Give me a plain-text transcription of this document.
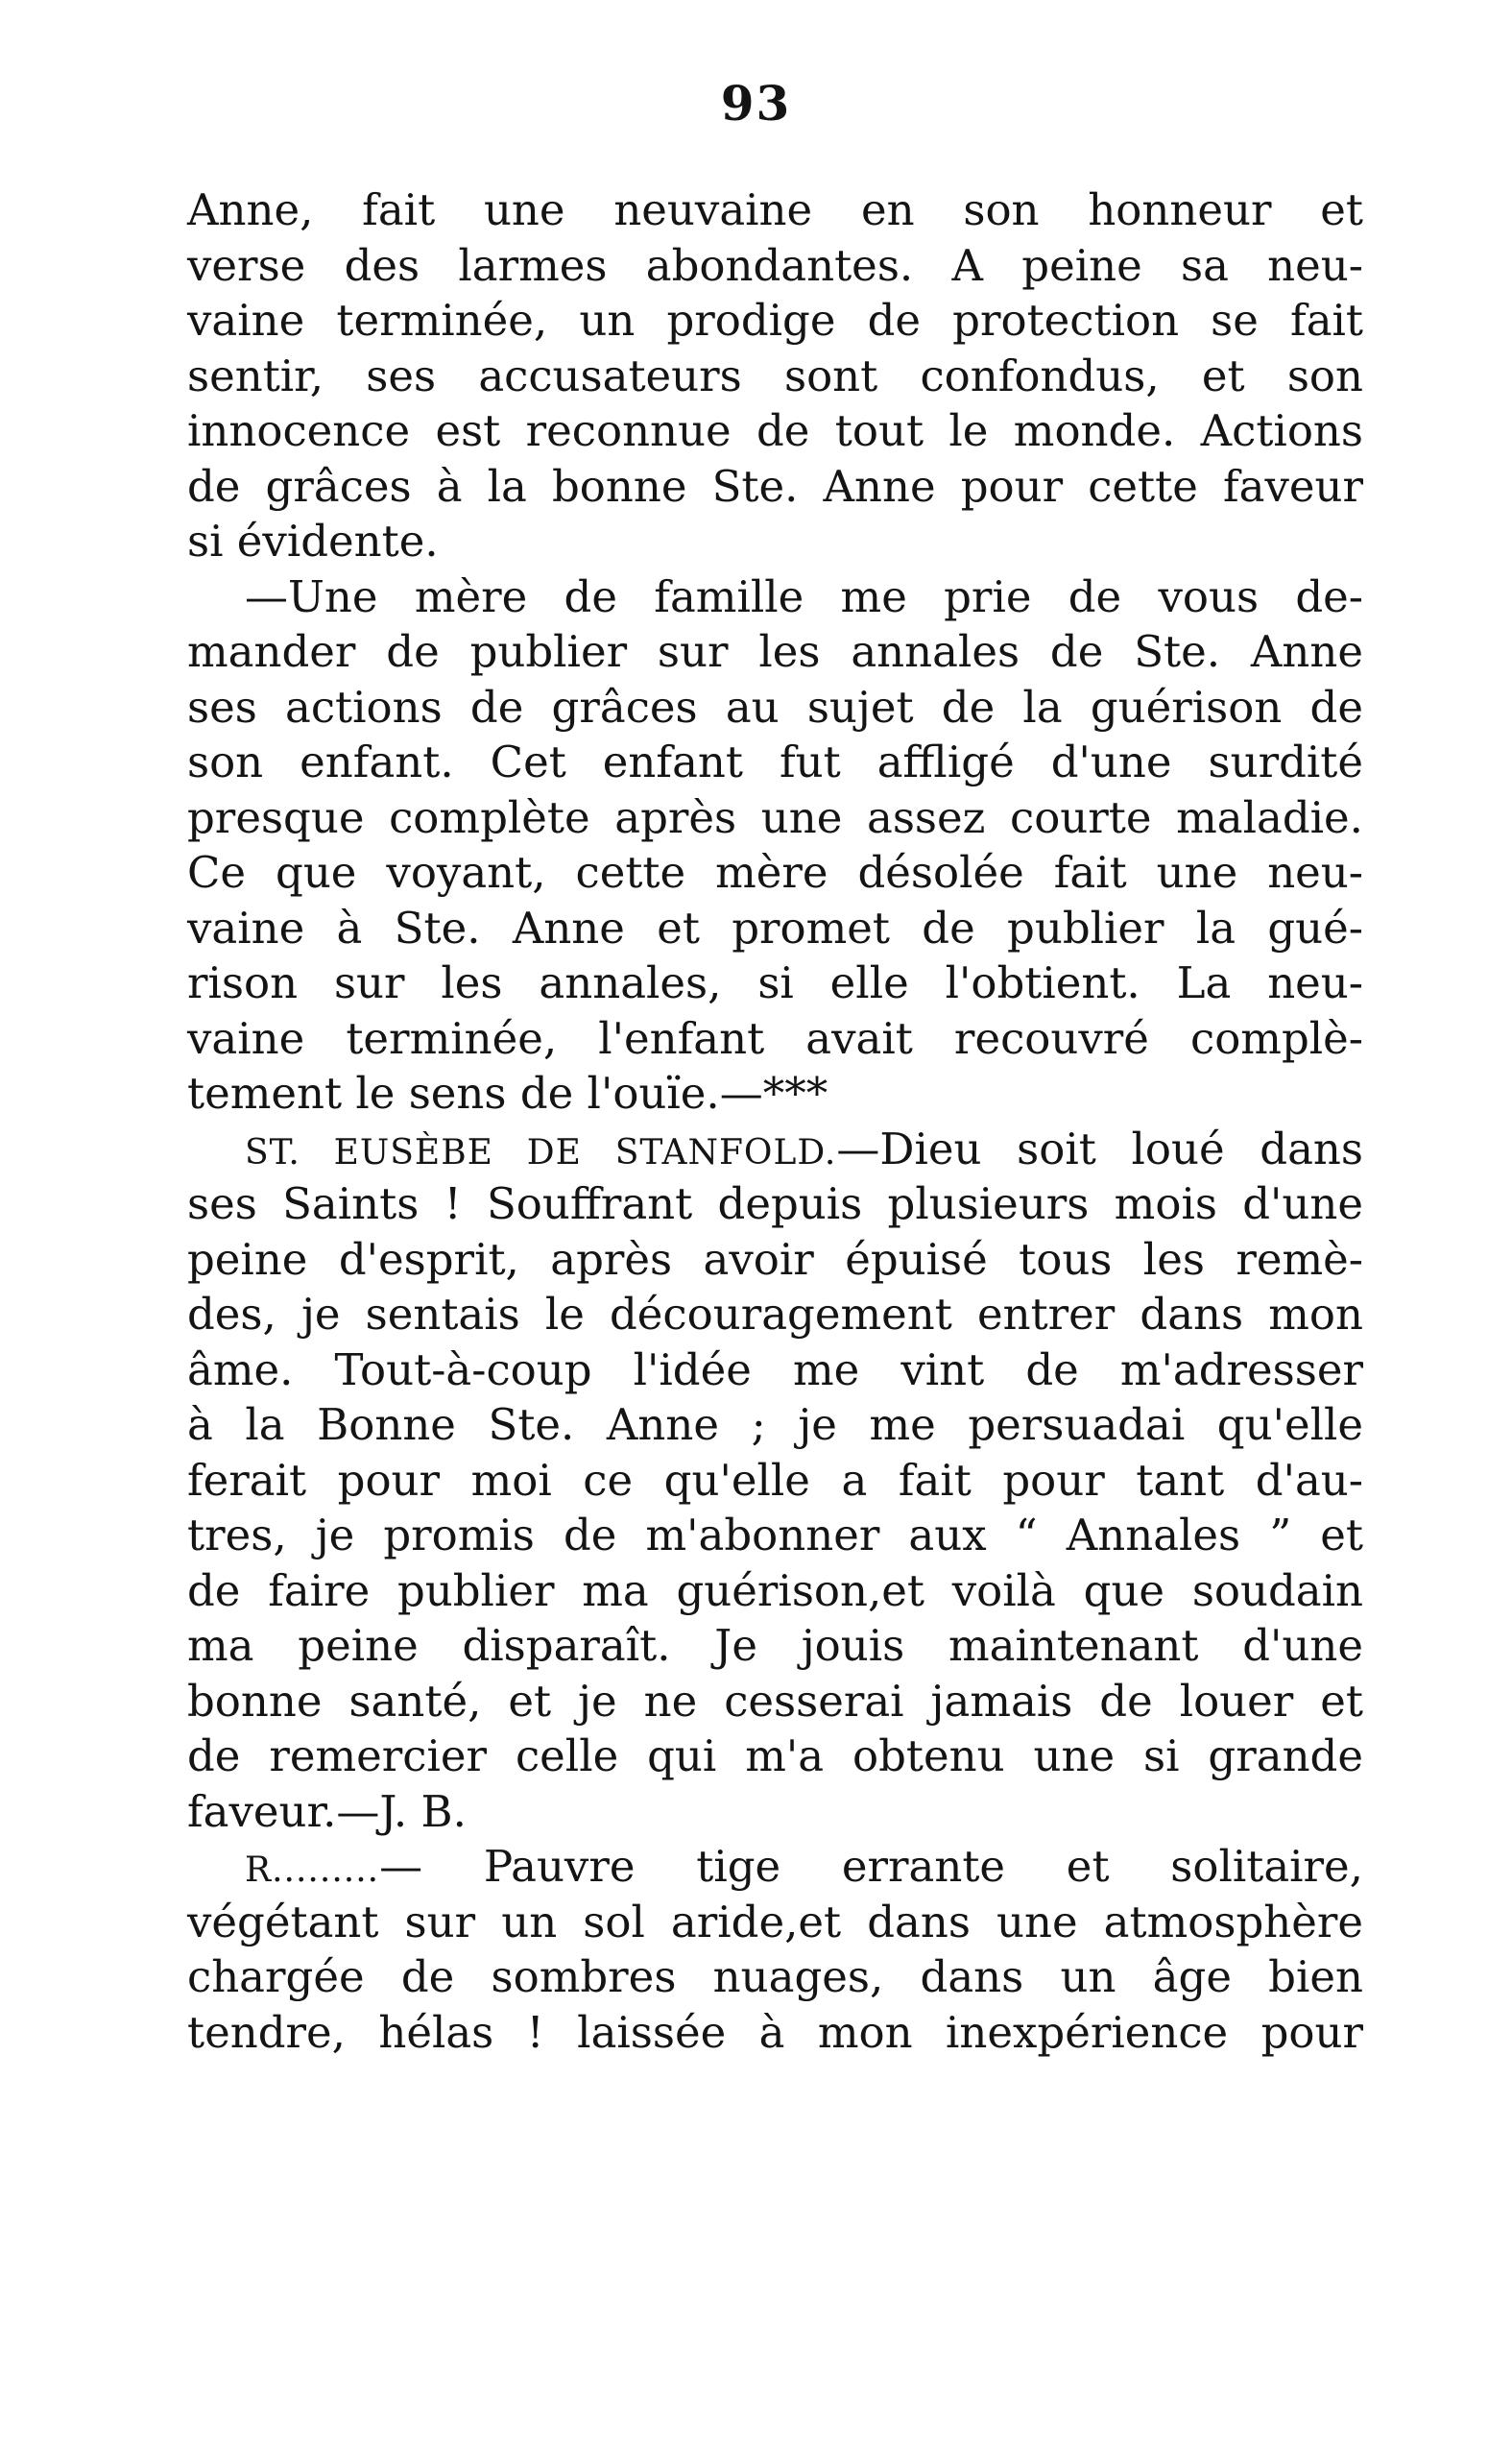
93
Anne, fait une neuvaine en son honneur et
verse des larmes abondantes. A peine sa neu-
vaine terminée, un prodige de protection se fait
sentir, ses accusateurs sont confondus, et son
innocence est reconnue de tout le monde. Actions
de grâces à la bonne Ste. Anne pour cette faveur
si évidente.
—Une mère de famille me prie de vous de-
mander de publier sur les annales de Ste. Anne
ses actions de grâces au sujet de la guérison de
son enfant. Cet enfant fut affligé d'une surdité
presque complète après une assez courte maladie.
Ce que voyant, cette mère désolée fait une neu-
vaine à Ste. Anne et promet de publier la gué-
rison sur les annales, si elle l'obtient. La neu-
vaine terminée, l'enfant avait recouvré complè-
tement le sens de l'ouïe.—***
ST. EUSÈBE DE STANFOLD.—Dieu soit loué dans
ses Saints ! Souffrant depuis plusieurs mois d'une
peine d'esprit, après avoir épuisé tous les remè-
des, je sentais le découragement entrer dans mon
âme. Tout-à-coup l'idée me vint de m'adresser
à la Bonne Ste. Anne ; je me persuadai qu'elle
ferait pour moi ce qu'elle a fait pour tant d'au-
tres, je promis de m'abonner aux “ Annales ” et
de faire publier ma guérison,et voilà que soudain
ma peine disparaît. Je jouis maintenant d'une
bonne santé, et je ne cesserai jamais de louer et
de remercier celle qui m'a obtenu une si grande
faveur.—J. B.
R.........— Pauvre tige errante et solitaire,
végétant sur un sol aride,et dans une atmosphère
chargée de sombres nuages, dans un âge bien
tendre, hélas ! laissée à mon inexpérience pour
